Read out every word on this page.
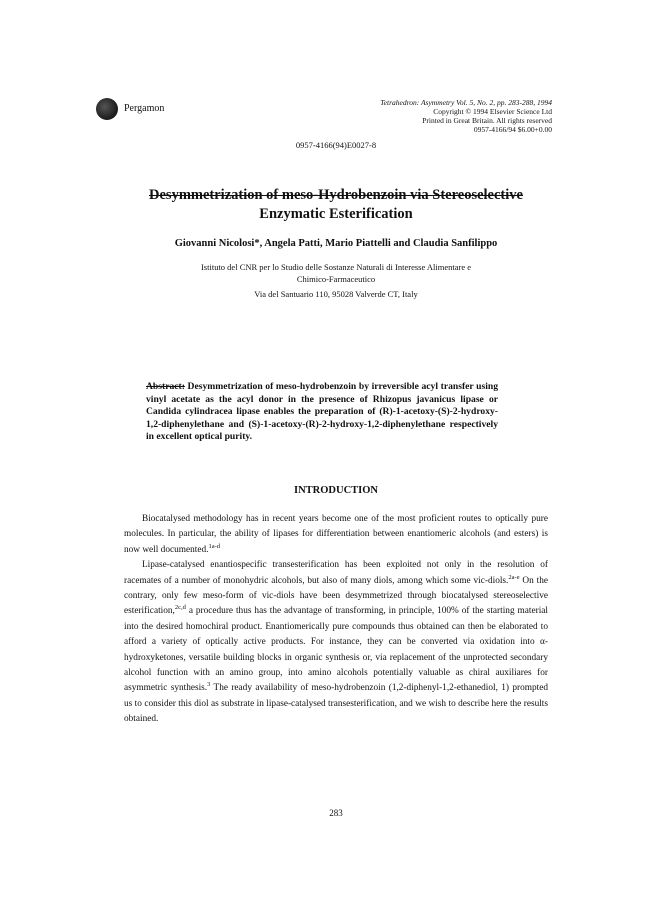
Pergamon
Tetrahedron: Asymmetry Vol. 5, No. 2, pp. 283-288, 1994
Copyright © 1994 Elsevier Science Ltd
Printed in Great Britain. All rights reserved
0957-4166/94 $6.00+0.00
0957-4166(94)E0027-8
Desymmetrization of meso-Hydrobenzoin via Stereoselective
Enzymatic Esterification
Giovanni Nicolosi*, Angela Patti, Mario Piattelli and Claudia Sanfilippo
Istituto del CNR per lo Studio delle Sostanze Naturali di Interesse Alimentare e
Chimico-Farmaceutico
Via del Santuario 110, 95028 Valverde CT, Italy
Abstract: Desymmetrization of meso-hydrobenzoin by irreversible acyl transfer using vinyl acetate as the acyl donor in the presence of Rhizopus javanicus lipase or Candida cylindracea lipase enables the preparation of (R)-1-acetoxy-(S)-2-hydroxy-1,2-diphenylethane and (S)-1-acetoxy-(R)-2-hydroxy-1,2-diphenylethane respectively in excellent optical purity.
INTRODUCTION

Biocatalysed methodology has in recent years become one of the most proficient routes to optically pure molecules. In particular, the ability of lipases for differentiation between enantiomeric alcohols (and esters) is now well documented.$^{1a-d}$

Lipase-catalysed enantiospecific transesterification has been exploited not only in the resolution of racemates of a number of monohydric alcohols, but also of many diols, among which some vic-diols.$^{2a-e}$ On the contrary, only few meso-form of vic-diols have been desymmetrized through biocatalysed stereoselective esterification,$^{2c,d}$ a procedure thus has the advantage of transforming, in principle, 100% of the starting material into the desired homochiral product. Enantiomerically pure compounds thus obtained can then be elaborated to afford a variety of optically active products. For instance, they can be converted via oxidation into α-hydroxyketones, versatile building blocks in organic synthesis or, via replacement of the unprotected secondary alcohol function with an amino group, into amino alcohols potentially valuable as chiral auxiliares for asymmetric synthesis.$^3$ The ready availability of meso-hydrobenzoin (1,2-diphenyl-1,2-ethanediol, 1) prompted us to consider this diol as substrate in lipase-catalysed transesterification, and we wish to describe here the results obtained.

283
